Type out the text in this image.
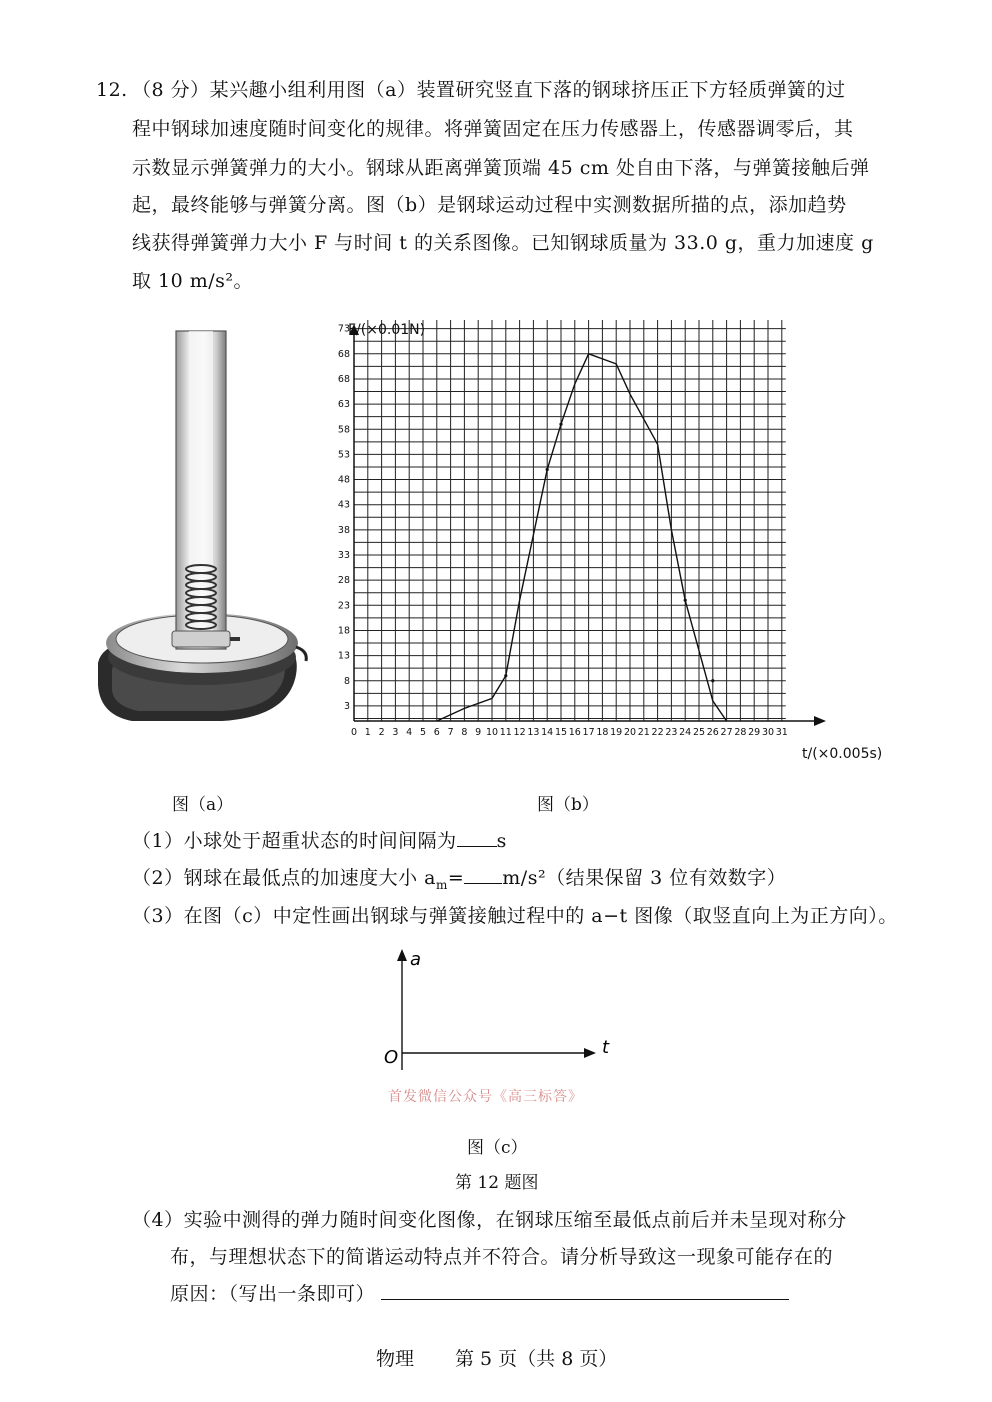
12. （8 分）某兴趣小组利用图（a）装置研究竖直下落的钢球挤压正下方轻质弹簧的过
程中钢球加速度随时间变化的规律。将弹簧固定在压力传感器上，传感器调零后，其
示数显示弹簧弹力的大小。钢球从距离弹簧顶端 45 cm 处自由下落，与弹簧接触后弹
起，最终能够与弹簧分离。图（b）是钢球运动过程中实测数据所描的点，添加趋势
线获得弹簧弹力大小 F 与时间 t 的关系图像。已知钢球质量为 33.0 g，重力加速度 g
取 10 m/s²。
0 1 2 3 4 5 6 7 8 9 10 11 12 13 14 15 16 17 18 19 20 21 22 23 24 25 26 27 28 29 30 31
3
8
13
18
23
28
33
38
43
48
53
58
63
68
68
73
F/(×0.01N)
t/(×0.005s)
图（a）	图（b）
（1）小球处于超重状态的时间间隔为 s
（2）钢球在最低点的加速度大小 $a_m= m/s^2$（结果保留 3 位有效数字）
（3）在图（c）中定性画出钢球与弹簧接触过程中的 a−t 图像（取竖直向上为正方向）。
a
t
O
首发微信公众号《高三标答》
图（c）
第 12 题图
（4）实验中测得的弹力随时间变化图像，在钢球压缩至最低点前后并未呈现对称分
布，与理想状态下的简谐运动特点并不符合。请分析导致这一现象可能存在的
原因：（写出一条即可）
物理 第 5 页（共 8 页）
